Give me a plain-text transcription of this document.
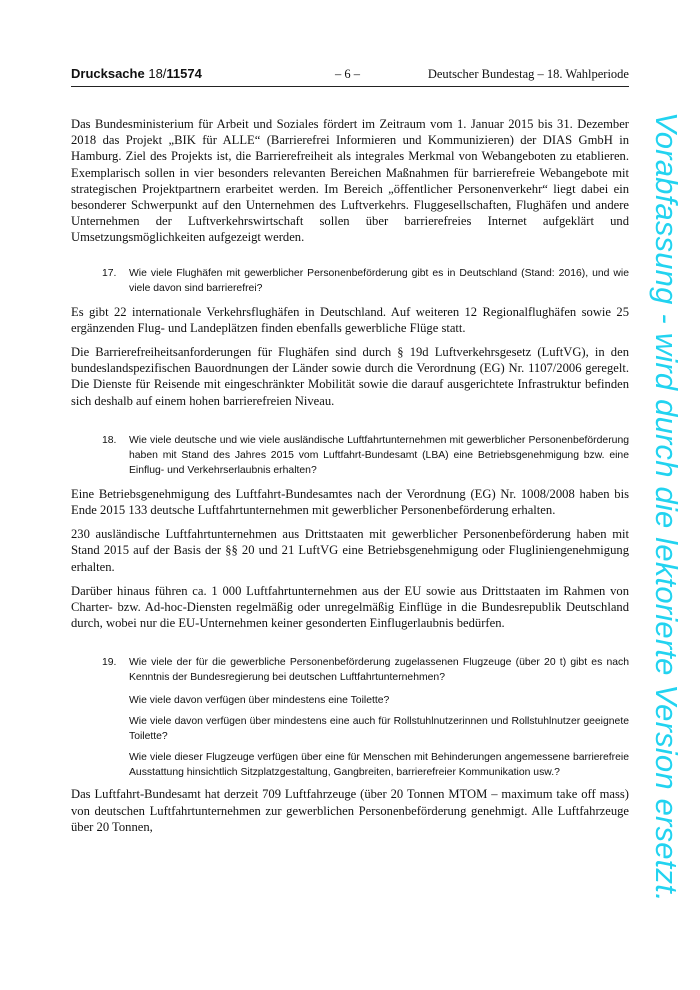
Drucksache 18/11574	– 6 –	Deutscher Bundestag – 18. Wahlperiode

Das Bundesministerium für Arbeit und Soziales fördert im Zeitraum vom 1. Januar 2015 bis 31. Dezember 2018 das Projekt „BIK für ALLE“ (Barrierefrei Informieren und Kommunizieren) der DIAS GmbH in Hamburg. Ziel des Projekts ist, die Barrierefreiheit als integrales Merkmal von Webangeboten zu etablieren. Exemplarisch sollen in vier besonders relevanten Bereichen Maßnahmen für barrierefreie Webangebote mit strategischen Projektpartnern erarbeitet werden. Im Bereich „öffentlicher Personenverkehr“ liegt dabei ein besonderer Schwerpunkt auf den Unternehmen des Luftverkehrs. Fluggesellschaften, Flughäfen und andere Unternehmen der Luftverkehrswirtschaft sollen über barrierefreies Internet aufgeklärt und Umsetzungsmöglichkeiten aufgezeigt werden.

17. Wie viele Flughäfen mit gewerblicher Personenbeförderung gibt es in Deutschland (Stand: 2016), und wie viele davon sind barrierefrei?

Es gibt 22 internationale Verkehrsflughäfen in Deutschland. Auf weiteren 12 Regionalflughäfen sowie 25 ergänzenden Flug- und Landeplätzen finden ebenfalls gewerbliche Flüge statt.

Die Barrierefreiheitsanforderungen für Flughäfen sind durch § 19d Luftverkehrsgesetz (LuftVG), in den bundeslandspezifischen Bauordnungen der Länder sowie durch die Verordnung (EG) Nr. 1107/2006 geregelt. Die Dienste für Reisende mit eingeschränkter Mobilität sowie die darauf ausgerichtete Infrastruktur befinden sich deshalb auf einem hohen barrierefreien Niveau.

18. Wie viele deutsche und wie viele ausländische Luftfahrtunternehmen mit gewerblicher Personenbeförderung haben mit Stand des Jahres 2015 vom Luftfahrt-Bundesamt (LBA) eine Betriebsgenehmigung bzw. eine Einflug- und Verkehrserlaubnis erhalten?

Eine Betriebsgenehmigung des Luftfahrt-Bundesamtes nach der Verordnung (EG) Nr. 1008/2008 haben bis Ende 2015 133 deutsche Luftfahrtunternehmen mit gewerblicher Personenbeförderung erhalten.

230 ausländische Luftfahrtunternehmen aus Drittstaaten mit gewerblicher Personenbeförderung haben mit Stand 2015 auf der Basis der §§ 20 und 21 LuftVG eine Betriebsgenehmigung oder Flugliniengenehmigung erhalten.

Darüber hinaus führen ca. 1 000 Luftfahrtunternehmen aus der EU sowie aus Drittstaaten im Rahmen von Charter- bzw. Ad-hoc-Diensten regelmäßig oder unregelmäßig Einflüge in die Bundesrepublik Deutschland durch, wobei nur die EU-Unternehmen keiner gesonderten Einflugerlaubnis bedürfen.

19. Wie viele der für die gewerbliche Personenbeförderung zugelassenen Flugzeuge (über 20 t) gibt es nach Kenntnis der Bundesregierung bei deutschen Luftfahrtunternehmen?
Wie viele davon verfügen über mindestens eine Toilette?
Wie viele davon verfügen über mindestens eine auch für Rollstuhlnutzerinnen und Rollstuhlnutzer geeignete Toilette?
Wie viele dieser Flugzeuge verfügen über eine für Menschen mit Behinderungen angemessene barrierefreie Ausstattung hinsichtlich Sitzplatzgestaltung, Gangbreiten, barrierefreier Kommunikation usw.?

Das Luftfahrt-Bundesamt hat derzeit 709 Luftfahrzeuge (über 20 Tonnen MTOM – maximum take off mass) von deutschen Luftfahrtunternehmen zur gewerblichen Personenbeförderung genehmigt. Alle Luftfahrzeuge über 20 Tonnen,	Vorabfassung - wird durch die lektorierte Version ersetzt.
